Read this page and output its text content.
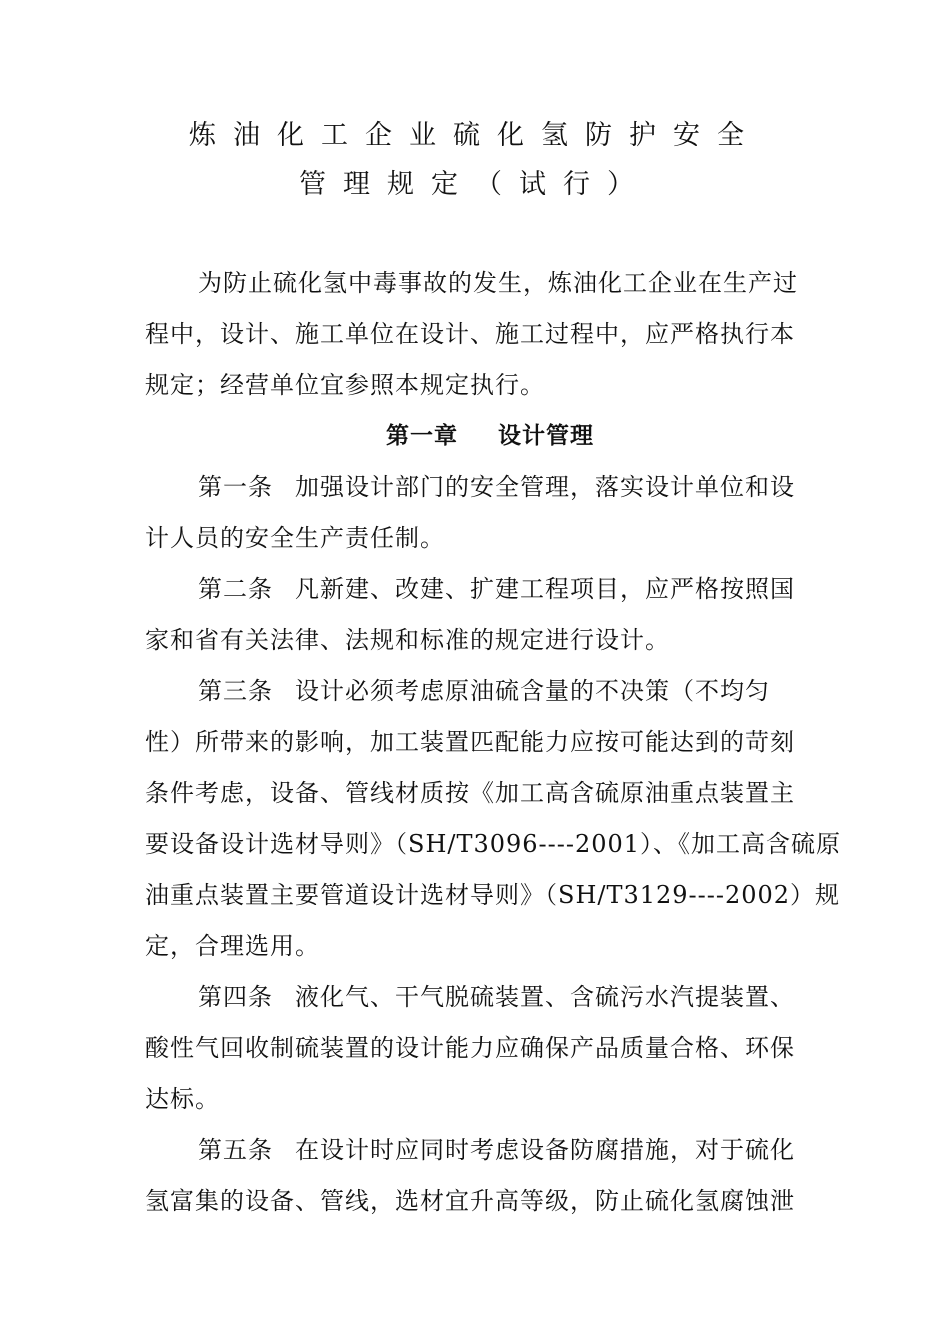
炼油化工企业硫化氢防护安全
管理规定（试行）
为防止硫化氢中毒事故的发生，炼油化工企业在生产过
程中，设计、施工单位在设计、施工过程中，应严格执行本
规定；经营单位宜参照本规定执行。
第一章 设计管理
第一条 加强设计部门的安全管理，落实设计单位和设
计人员的安全生产责任制。
第二条 凡新建、改建、扩建工程项目，应严格按照国
家和省有关法律、法规和标准的规定进行设计。
第三条 设计必须考虑原油硫含量的不决策（不均匀
性）所带来的影响，加工装置匹配能力应按可能达到的苛刻
条件考虑，设备、管线材质按《加工高含硫原油重点装置主
要设备设计选材导则》（SH/T3096----2001）、《加工高含硫原
油重点装置主要管道设计选材导则》（SH/T3129----2002）规
定，合理选用。
第四条 液化气、干气脱硫装置、含硫污水汽提装置、
酸性气回收制硫装置的设计能力应确保产品质量合格、环保
达标。
第五条 在设计时应同时考虑设备防腐措施，对于硫化
氢富集的设备、管线，选材宜升高等级，防止硫化氢腐蚀泄
